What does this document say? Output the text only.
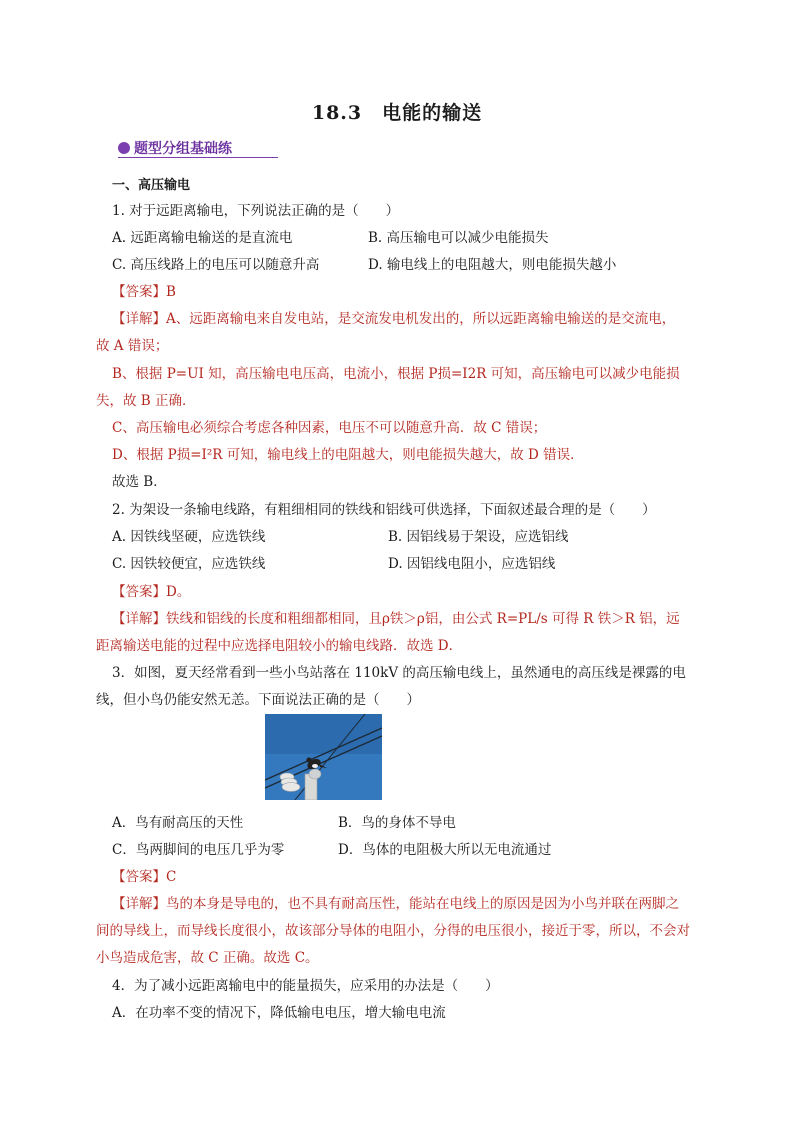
18.3　电能的输送
题型分组基础练
一、高压输电
1. 对于远距离输电，下列说法正确的是（　　）
A. 远距离输电输送的是直流电	B. 高压输电可以减少电能损失
C. 高压线路上的电压可以随意升高	D. 输电线上的电阻越大，则电能损失越小
【答案】B
【详解】A、远距离输电来自发电站，是交流发电机发出的，所以远距离输电输送的是交流电，
故 A 错误；
B、根据 P=UI 知，高压输电电压高，电流小，根据 P损=I2R 可知，高压输电可以减少电能损
失，故 B 正确．
C、高压输电必须综合考虑各种因素，电压不可以随意升高．故 C 错误；
D、根据 P损=I²R 可知，输电线上的电阻越大，则电能损失越大，故 D 错误．
故选 B．
2. 为架设一条输电线路，有粗细相同的铁线和铝线可供选择，下面叙述最合理的是（　　）
A. 因铁线坚硬，应选铁线	B. 因铝线易于架设，应选铝线
C. 因铁较便宜，应选铁线	D. 因铝线电阻小，应选铝线
【答案】D。
【详解】铁线和铝线的长度和粗细都相同，且ρ铁＞ρ铝，由公式 R=ΡL/s 可得 R 铁＞R 铝，远
距离输送电能的过程中应选择电阻较小的输电线路．故选 D．
3．如图，夏天经常看到一些小鸟站落在 110kV 的高压输电线上，虽然通电的高压线是裸露的电
线，但小鸟仍能安然无恙。下面说法正确的是（　　）
A．鸟有耐高压的天性	B．鸟的身体不导电
C．鸟两脚间的电压几乎为零	D．鸟体的电阻极大所以无电流通过
【答案】C
【详解】鸟的本身是导电的，也不具有耐高压性，能站在电线上的原因是因为小鸟并联在两脚之
间的导线上，而导线长度很小，故该部分导体的电阻小，分得的电压很小，接近于零，所以，不会对
小鸟造成危害，故 C 正确。故选 C。
4．为了减小远距离输电中的能量损失，应采用的办法是（　　）
A．在功率不变的情况下，降低输电电压，增大输电电流
